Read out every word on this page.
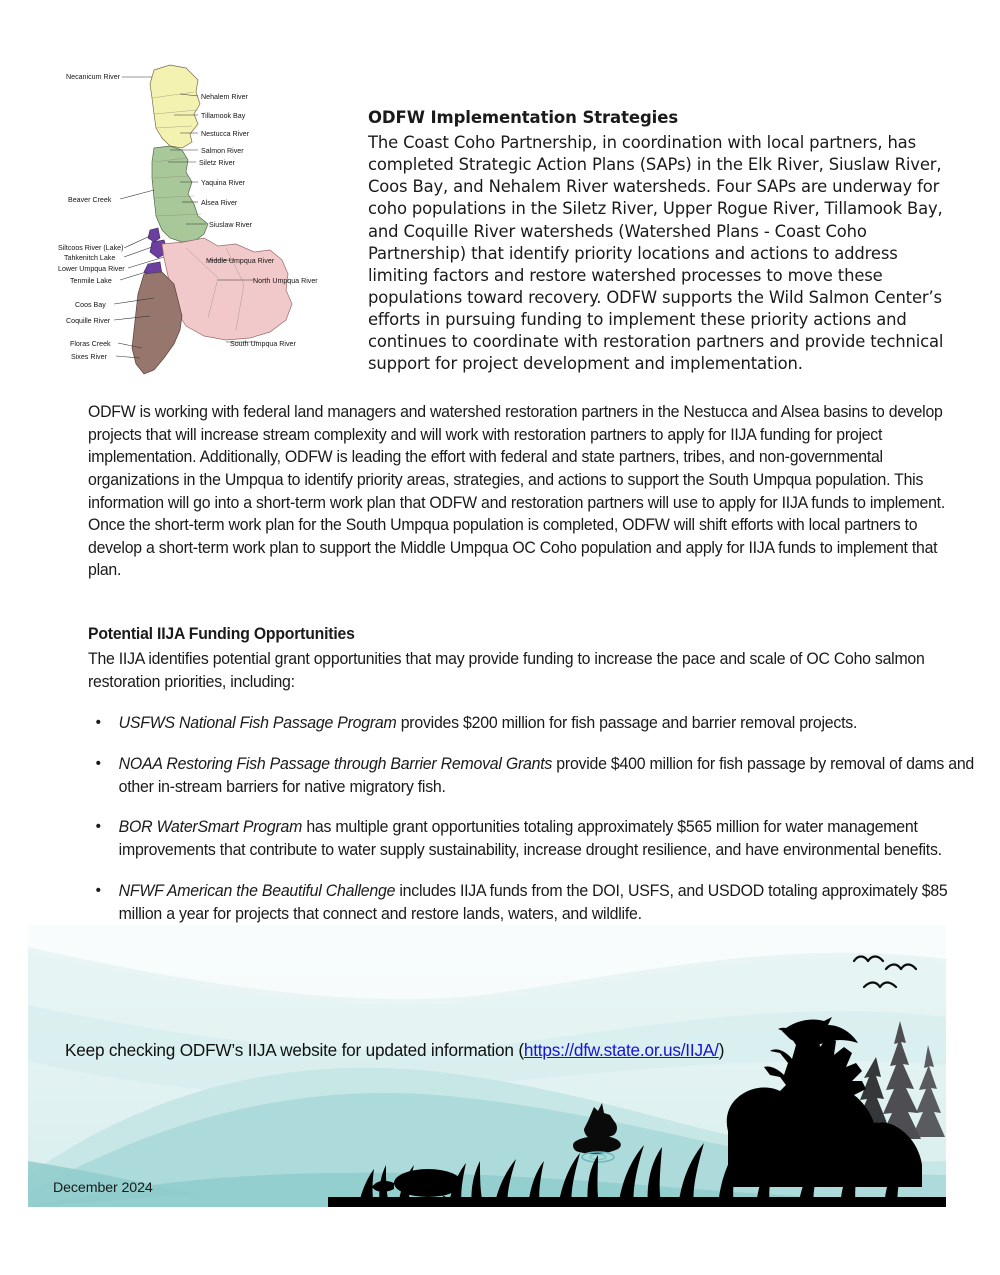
Necanicum River
Beaver Creek
Siltcoos River (Lake)
Tahkenitch Lake
Lower Umpqua River
Tenmile Lake
Coos Bay
Coquille River
Floras Creek
Sixes River
Nehalem River
Tillamook Bay
Nestucca River
Salmon River
Siletz River
Yaquina River
Alsea River
Siuslaw River
Middle Umpqua River
North Umpqua River
South Umpqua River
ODFW Implementation Strategies

The Coast Coho Partnership, in coordination with local partners, has completed Strategic Action Plans (SAPs) in the Elk River, Siuslaw River, Coos Bay, and Nehalem River watersheds. Four SAPs are underway for coho populations in the Siletz River, Upper Rogue River, Tillamook Bay, and Coquille River watersheds (Watershed Plans - Coast Coho Partnership) that identify priority locations and actions to address limiting factors and restore watershed processes to move these populations toward recovery. ODFW supports the Wild Salmon Center’s efforts in pursuing funding to implement these priority actions and continues to coordinate with restoration partners and provide technical support for project development and implementation.

ODFW is working with federal land managers and watershed restoration partners in the Nestucca and Alsea basins to develop projects that will increase stream complexity and will work with restoration partners to apply for IIJA funding for project implementation. Additionally, ODFW is leading the effort with federal and state partners, tribes, and non-governmental organizations in the Umpqua to identify priority areas, strategies, and actions to support the South Umpqua population. This information will go into a short-term work plan that ODFW and restoration partners will use to apply for IIJA funds to implement. Once the short-term work plan for the South Umpqua population is completed, ODFW will shift efforts with local partners to develop a short-term work plan to support the Middle Umpqua OC Coho population and apply for IIJA funds to implement that plan.

Potential IIJA Funding Opportunities

The IIJA identifies potential grant opportunities that may provide funding to increase the pace and scale of OC Coho salmon restoration priorities, including:

• USFWS National Fish Passage Program provides $200 million for fish passage and barrier removal projects.
• NOAA Restoring Fish Passage through Barrier Removal Grants provide $400 million for fish passage by removal of dams and other in-stream barriers for native migratory fish.
• BOR WaterSmart Program has multiple grant opportunities totaling approximately $565 million for water management improvements that contribute to water supply sustainability, increase drought resilience, and have environmental benefits.
• NFWF American the Beautiful Challenge includes IIJA funds from the DOI, USFS, and USDOD totaling approximately $85 million a year for projects that connect and restore lands, waters, and wildlife.
Keep checking ODFW’s IIJA website for updated information (https://dfw.state.or.us/IIJA/)
December 2024
